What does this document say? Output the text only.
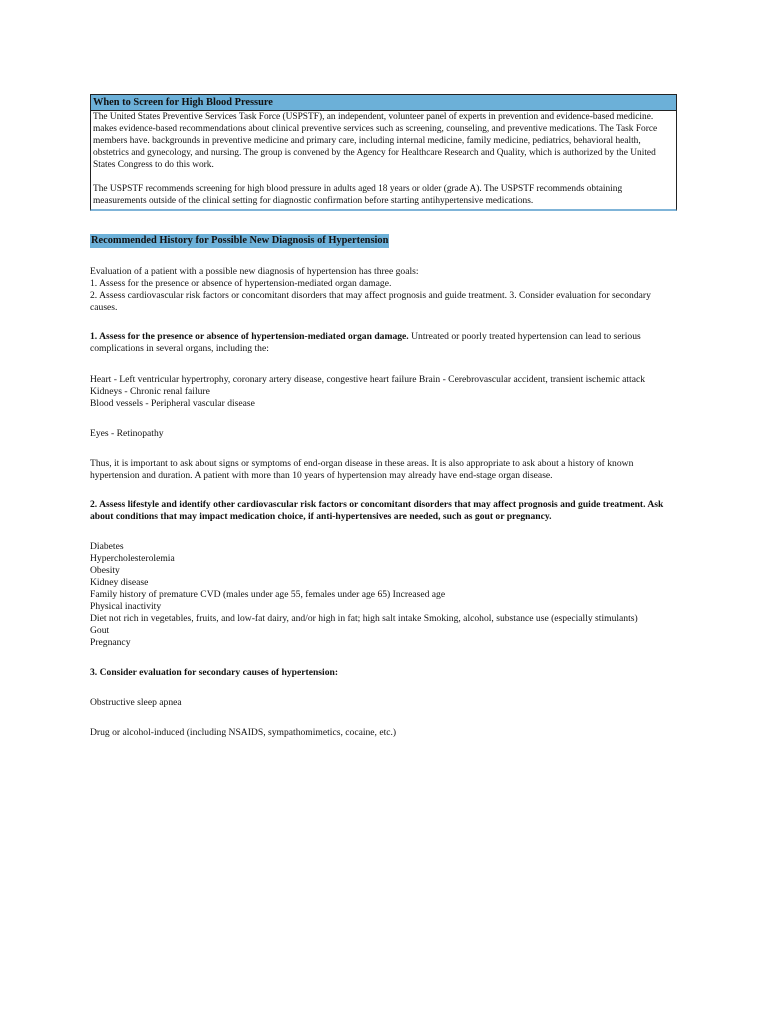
When to Screen for High Blood Pressure

The United States Preventive Services Task Force (USPSTF), an independent, volunteer panel of experts in prevention and evidence-based medicine. makes evidence-based recommendations about clinical preventive services such as screening, counseling, and preventive medications. The Task Force members have. backgrounds in preventive medicine and primary care, including internal medicine, family medicine, pediatrics, behavioral health, obstetrics and gynecology, and nursing. The group is convened by the Agency for Healthcare Research and Quality, which is authorized by the United States Congress to do this work.

The USPSTF recommends screening for high blood pressure in adults aged 18 years or older (grade A). The USPSTF recommends obtaining measurements outside of the clinical setting for diagnostic confirmation before starting antihypertensive medications.

Recommended History for Possible New Diagnosis of Hypertension

Evaluation of a patient with a possible new diagnosis of hypertension has three goals:

1. Assess for the presence or absence of hypertension-mediated organ damage.

2. Assess cardiovascular risk factors or concomitant disorders that may affect prognosis and guide treatment. 3. Consider evaluation for secondary causes.

1. Assess for the presence or absence of hypertension-mediated organ damage. Untreated or poorly treated hypertension can lead to serious complications in several organs, including the:

Heart - Left ventricular hypertrophy, coronary artery disease, congestive heart failure Brain - Cerebrovascular accident, transient ischemic attack

Kidneys - Chronic renal failure

Blood vessels - Peripheral vascular disease

Eyes - Retinopathy

Thus, it is important to ask about signs or symptoms of end-organ disease in these areas. It is also appropriate to ask about a history of known hypertension and duration. A patient with more than 10 years of hypertension may already have end-stage organ disease.

2. Assess lifestyle and identify other cardiovascular risk factors or concomitant disorders that may affect prognosis and guide treatment. Ask about conditions that may impact medication choice, if anti-hypertensives are needed, such as gout or pregnancy.

Diabetes
Hypercholesterolemia
Obesity
Kidney disease
Family history of premature CVD (males under age 55, females under age 65) Increased age
Physical inactivity
Diet not rich in vegetables, fruits, and low-fat dairy, and/or high in fat; high salt intake Smoking, alcohol, substance use (especially stimulants)
Gout
Pregnancy

3. Consider evaluation for secondary causes of hypertension:

Obstructive sleep apnea

Drug or alcohol-induced (including NSAIDS, sympathomimetics, cocaine, etc.)
